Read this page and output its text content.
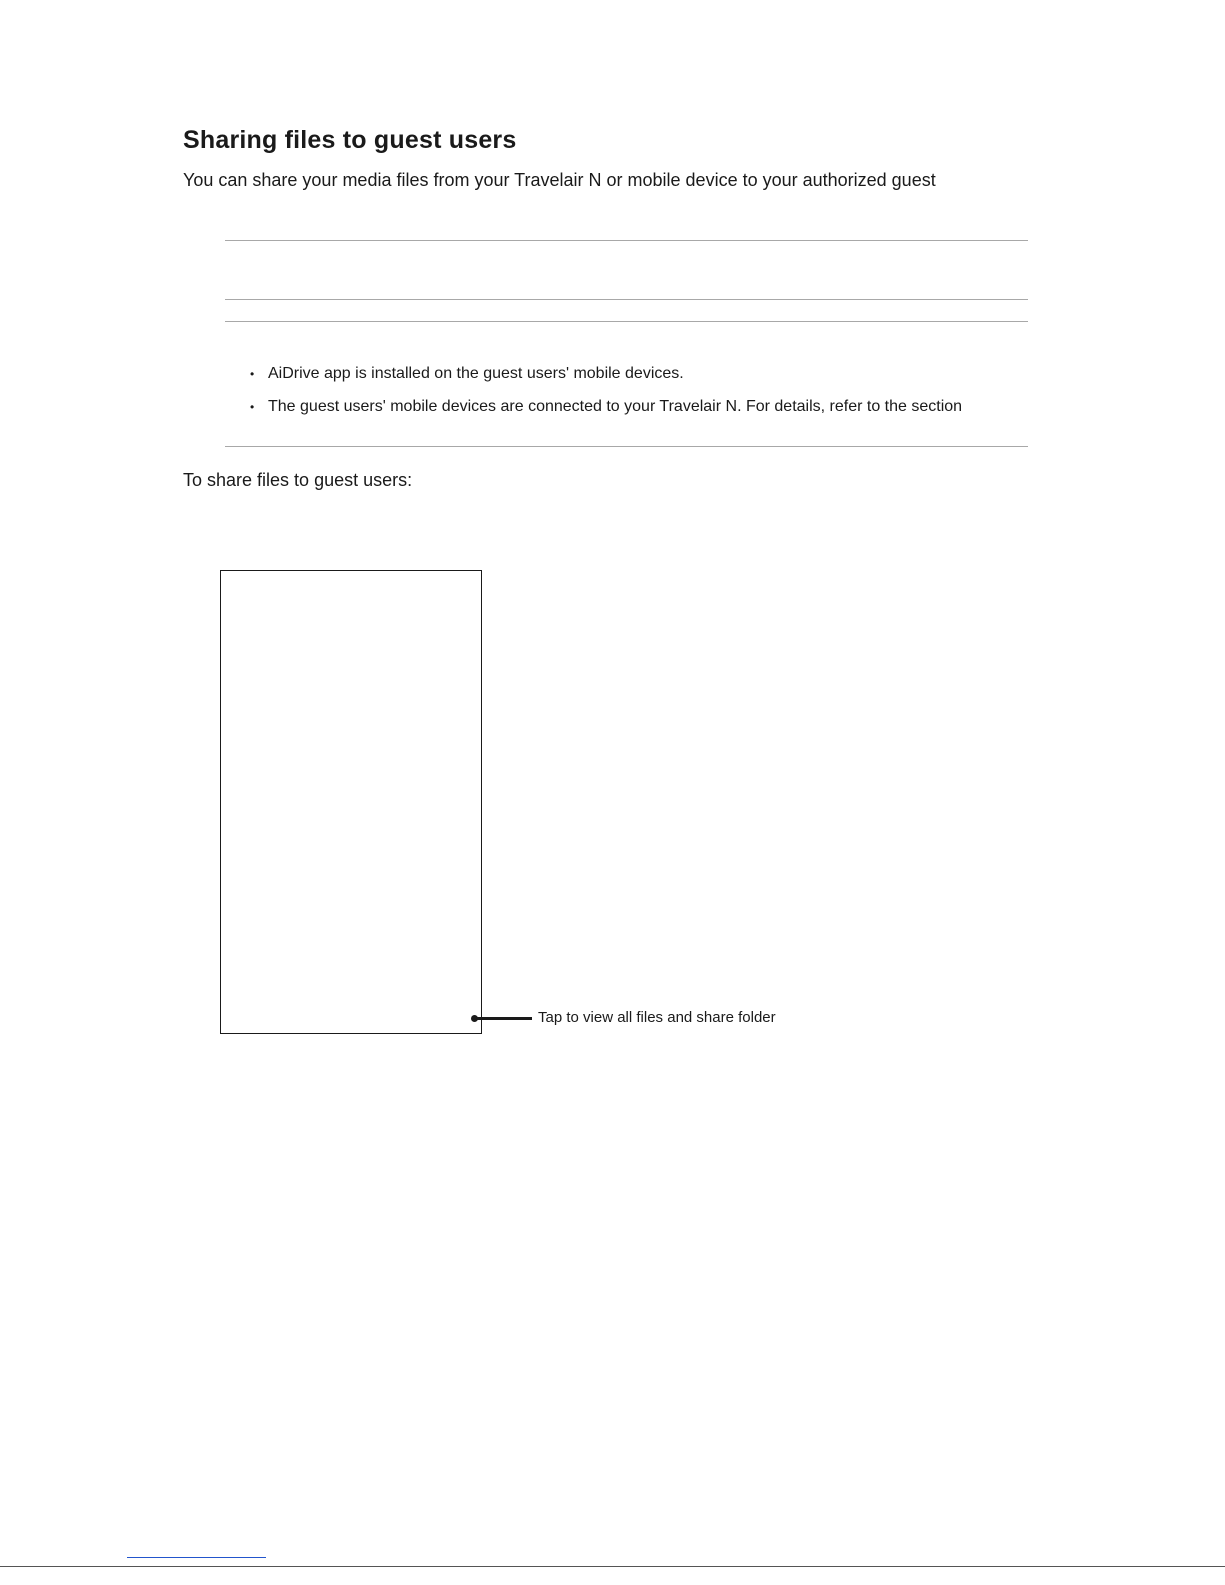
Sharing files to guest users

You can share your media files from your Travelair N or mobile device to your authorized guest

• AiDrive app is installed on the guest users' mobile devices.
• The guest users' mobile devices are connected to your Travelair N. For details, refer to the section

To share files to guest users:

Tap to view all files and share folder
